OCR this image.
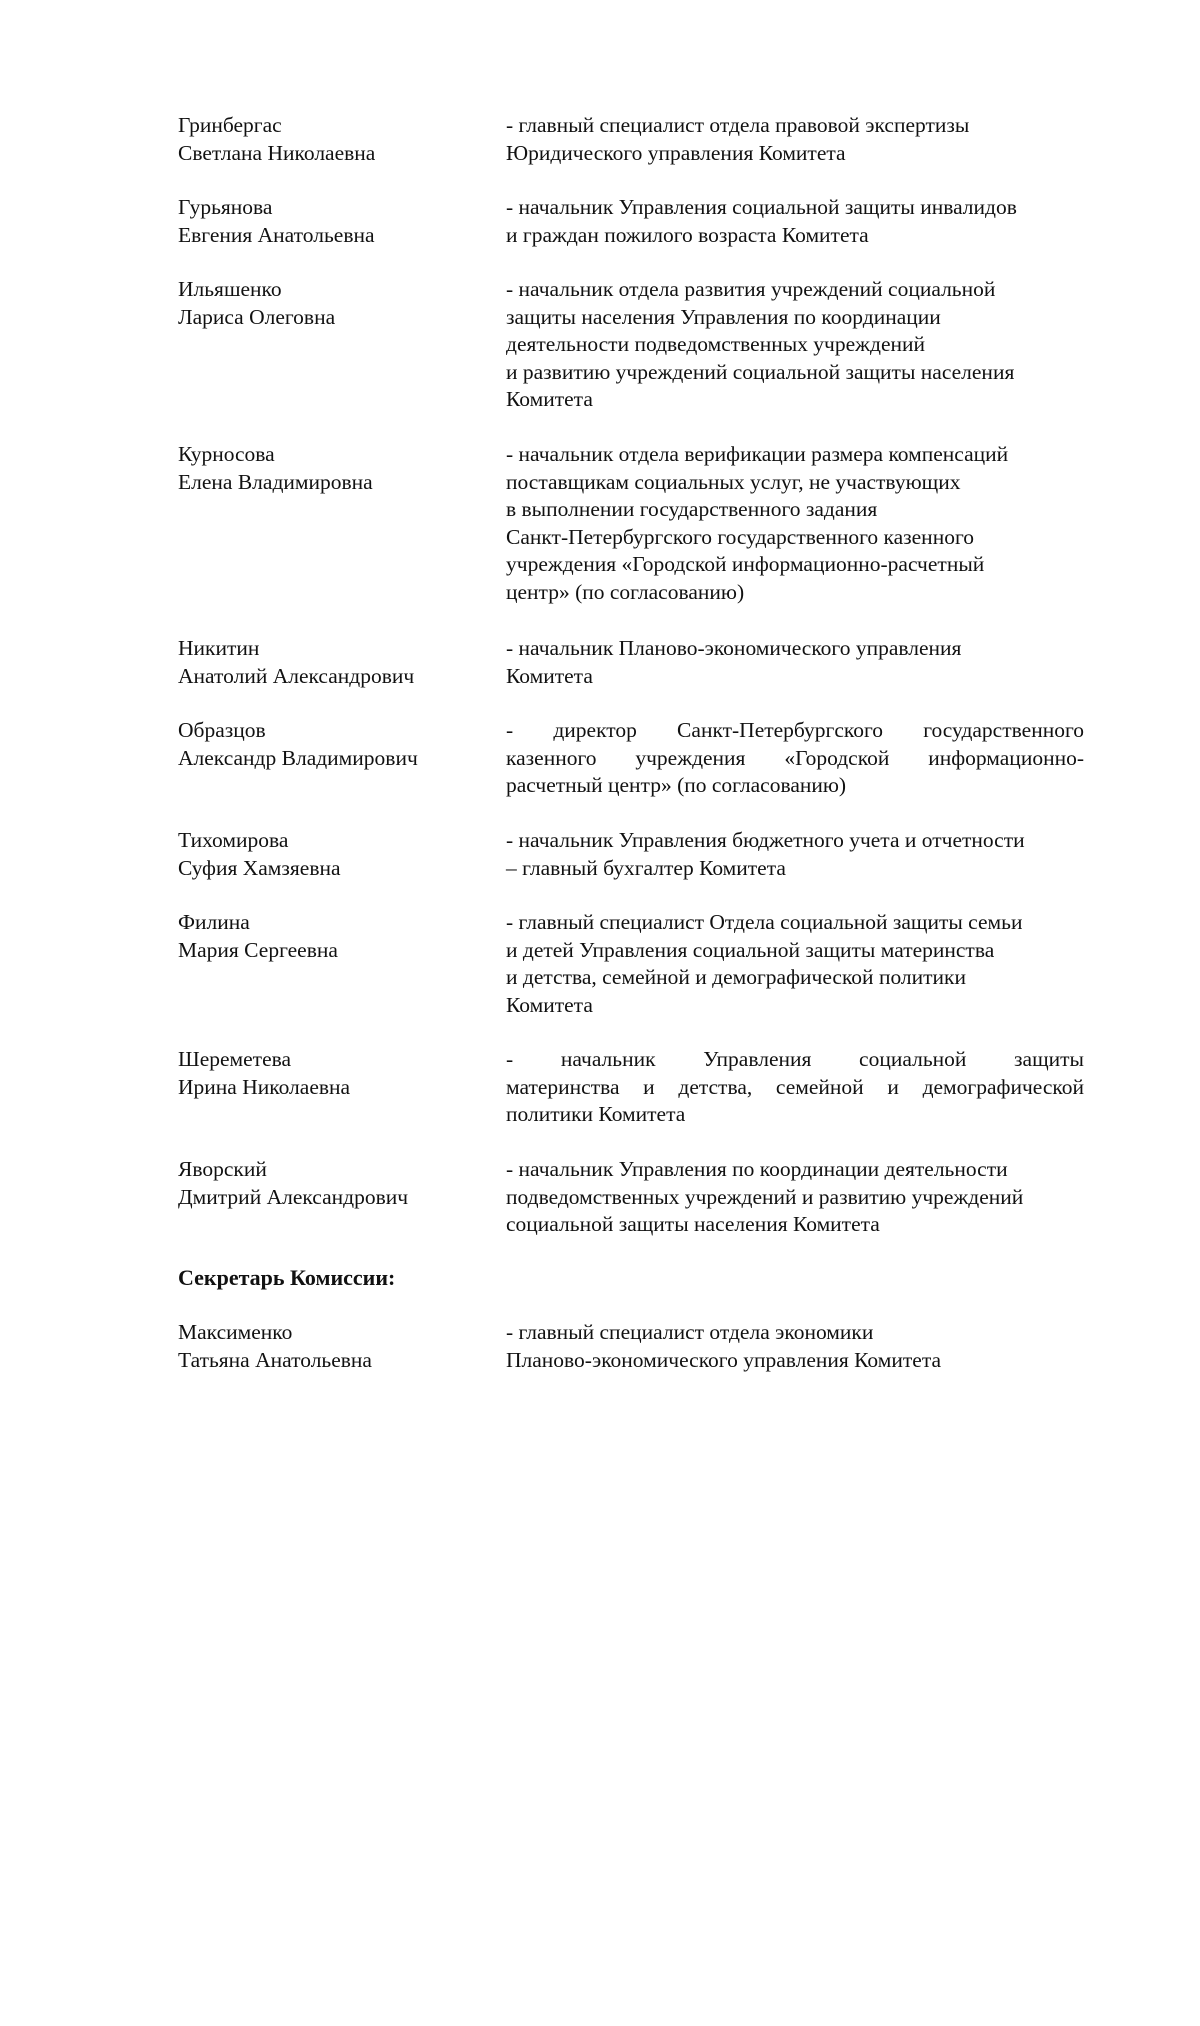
Гринбергас
Светлана Николаевна
- главный специалист отдела правовой экспертизы
Юридического управления Комитета
Гурьянова
Евгения Анатольевна
- начальник Управления социальной защиты инвалидов
и граждан пожилого возраста Комитета
Ильяшенко
Лариса Олеговна
- начальник отдела развития учреждений социальной
защиты населения Управления по координации
деятельности подведомственных учреждений
и развитию учреждений социальной защиты населения
Комитета
Курносова
Елена Владимировна
- начальник отдела верификации размера компенсаций
поставщикам социальных услуг, не участвующих
в выполнении государственного задания
Санкт-Петербургского государственного казенного
учреждения «Городской информационно-расчетный
центр» (по согласованию)
Никитин
Анатолий Александрович
- начальник Планово-экономического управления
Комитета
Образцов
Александр Владимирович
- директор Санкт-Петербургского государственного
казенного учреждения «Городской информационно-
расчетный центр» (по согласованию)
Тихомирова
Суфия Хамзяевна
- начальник Управления бюджетного учета и отчетности
– главный бухгалтер Комитета
Филина
Мария Сергеевна
- главный специалист Отдела социальной защиты семьи
и детей Управления социальной защиты материнства
и детства, семейной и демографической политики
Комитета
Шереметева
Ирина Николаевна
- начальник Управления социальной защиты
материнства и детства, семейной и демографической
политики Комитета
Яворский
Дмитрий Александрович
- начальник Управления по координации деятельности
подведомственных учреждений и развитию учреждений
социальной защиты населения Комитета
Секретарь Комиссии:
Максименко
Татьяна Анатольевна
- главный специалист отдела экономики
Планово-экономического управления Комитета
